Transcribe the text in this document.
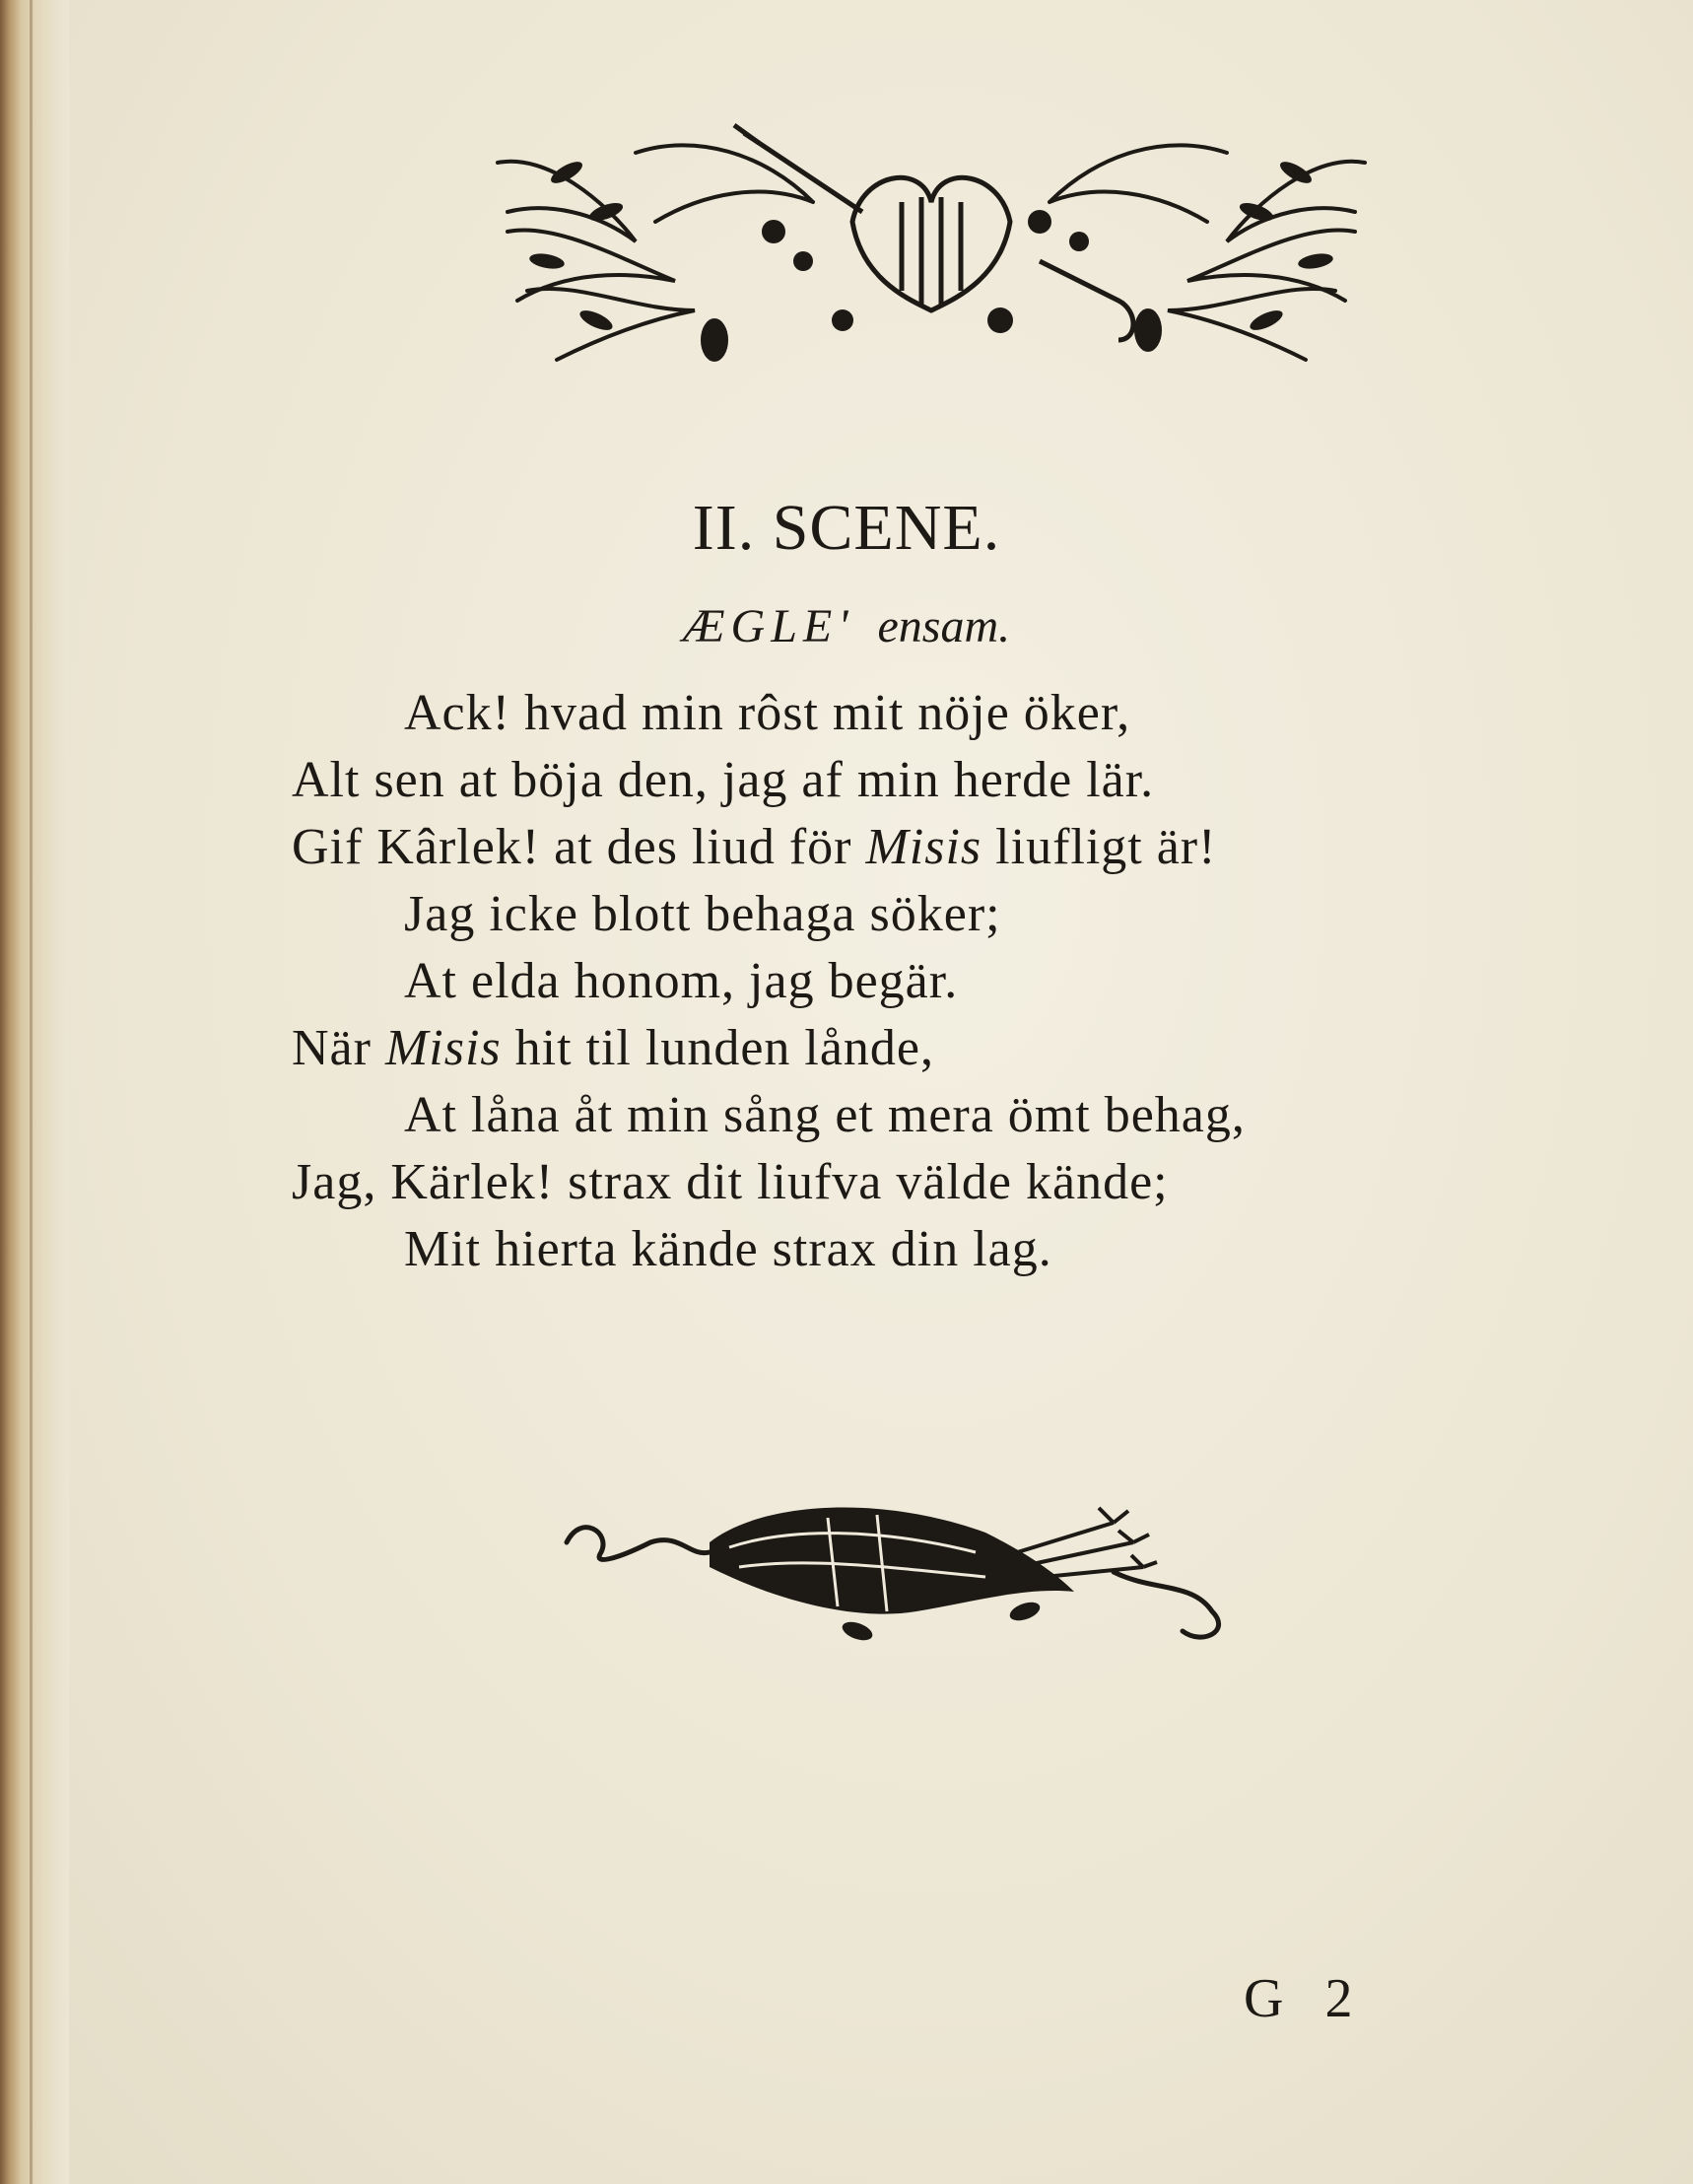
II. SCENE.
ÆGLE' ensam.
Ack! hvad min rôst mit nöje öker,
Alt sen at böja den, jag af min herde lär.
Gif Kârlek! at des liud för Misis liufligt är!
Jag icke blott behaga söker;
At elda honom, jag begär.
När Misis hit til lunden lånde,
At låna åt min sång et mera ömt behag,
Jag, Kärlek! strax dit liufva välde kände;
Mit hierta kände strax din lag.
G 2
